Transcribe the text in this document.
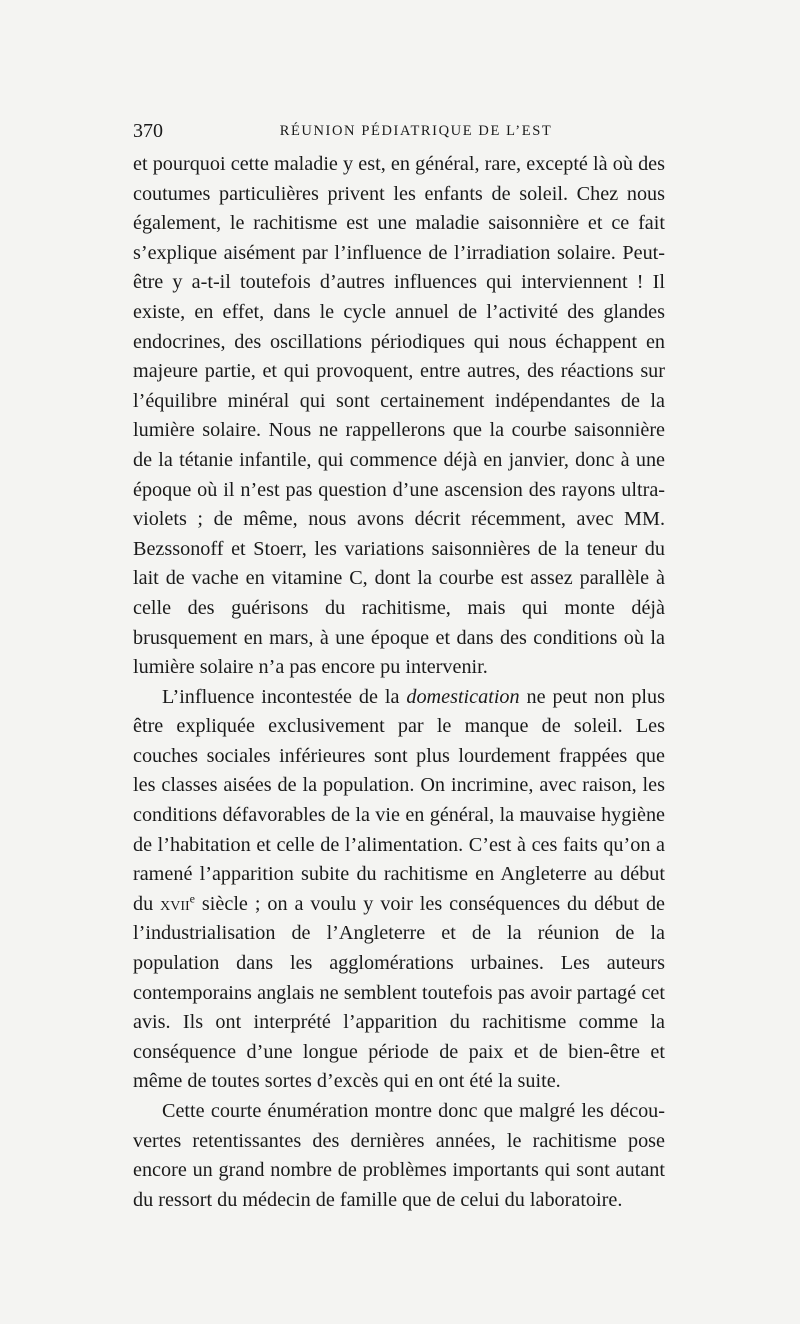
370	RÉUNION PÉDIATRIQUE DE L’EST

et pourquoi cette maladie y est, en général, rare, excepté là où des coutumes particulières privent les enfants de soleil. Chez nous également, le rachitisme est une maladie saisonnière et ce fait s’explique aisément par l’influence de l’irradiation solaire. Peut-être y a-t-il toutefois d’autres influences qui interviennent ! Il existe, en effet, dans le cycle annuel de l’activité des glandes endocrines, des oscillations périodiques qui nous échappent en majeure partie, et qui provoquent, entre autres, des réactions sur l’équilibre minéral qui sont certainement indépendantes de la lumière solaire. Nous ne rappellerons que la courbe saisonnière de la tétanie infantile, qui commence déjà en janvier, donc à une époque où il n’est pas question d’une ascension des rayons ultra-violets ; de même, nous avons décrit récemment, avec MM. Bezssonoff et Stoerr, les variations saisonnières de la teneur du lait de vache en vitamine C, dont la courbe est assez parallèle à celle des guérisons du rachitisme, mais qui monte déjà brusquement en mars, à une époque et dans des conditions où la lumière solaire n’a pas encore pu intervenir.

L’influence incontestée de la domestication ne peut non plus être expliquée exclusivement par le manque de soleil. Les couches sociales inférieures sont plus lourdement frappées que les classes aisées de la population. On incrimine, avec raison, les conditions défavorables de la vie en général, la mauvaise hygiène de l’habitation et celle de l’alimentation. C’est à ces faits qu’on a ramené l’apparition subite du rachitisme en Angleterre au début du xvii$^e$ siècle ; on a voulu y voir les conséquences du début de l’industrialisation de l’Angleterre et de la réunion de la population dans les agglomérations urbaines. Les auteurs contemporains anglais ne semblent toutefois pas avoir partagé cet avis. Ils ont interprété l’apparition du rachitisme comme la conséquence d’une longue période de paix et de bien-être et même de toutes sortes d’excès qui en ont été la suite.

Cette courte énumération montre donc que malgré les découvertes retentissantes des dernières années, le rachitisme pose encore un grand nombre de problèmes importants qui sont autant du ressort du médecin de famille que de celui du laboratoire.
